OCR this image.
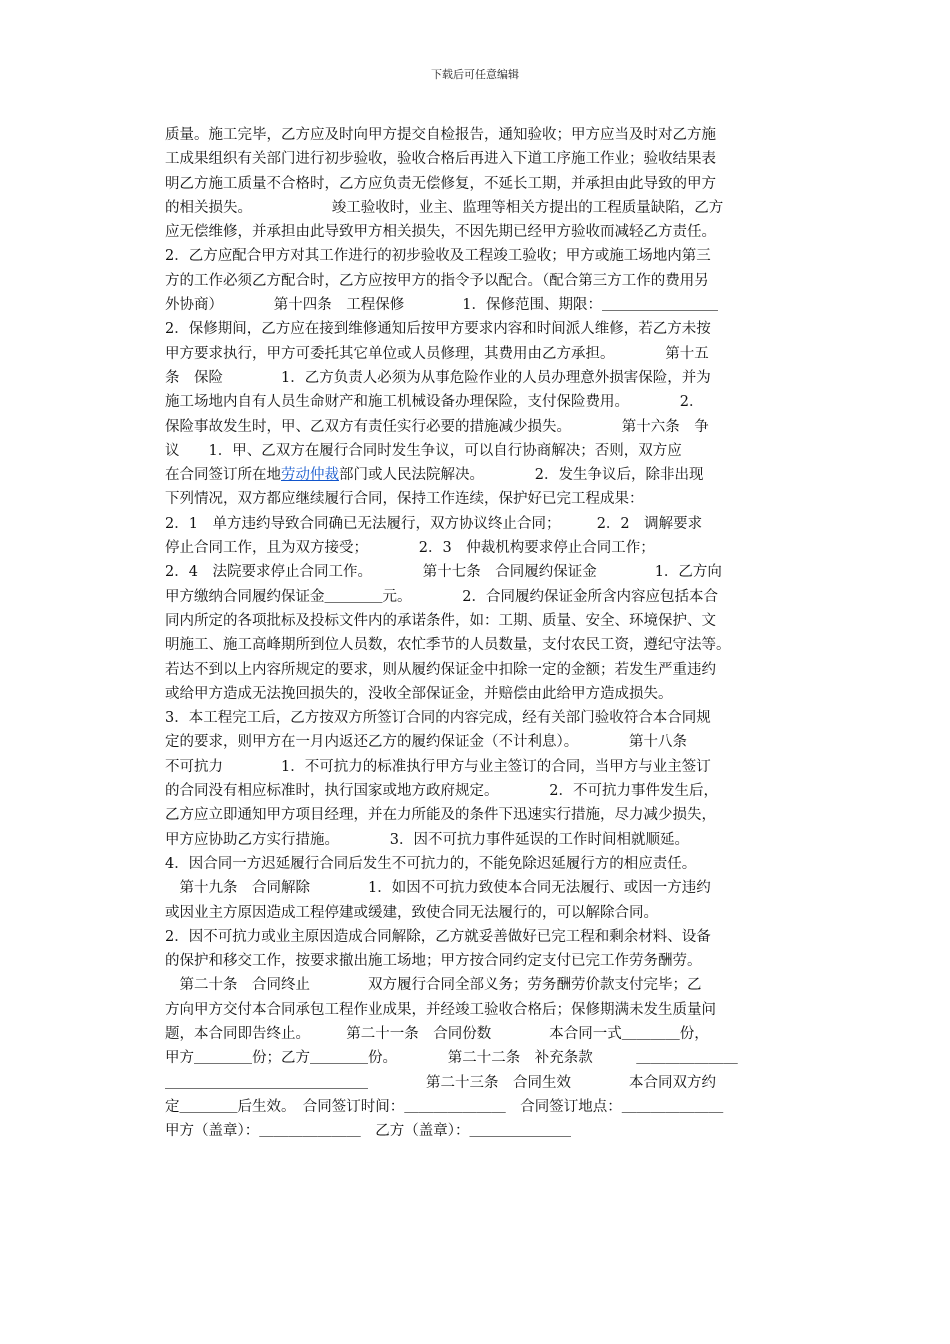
下载后可任意编辑
质量。施工完毕，乙方应及时向甲方提交自检报告，通知验收；甲方应当及时对乙方施
工成果组织有关部门进行初步验收，验收合格后再进入下道工序施工作业；验收结果表
明乙方施工质量不合格时，乙方应负责无偿修复，不延长工期，并承担由此导致的甲方
的相关损失。　　　　　　竣工验收时，业主、监理等相关方提出的工程质量缺陷，乙方
应无偿维修，并承担由此导致甲方相关损失，不因先期已经甲方验收而减轻乙方责任。
2．乙方应配合甲方对其工作进行的初步验收及工程竣工验收；甲方或施工场地内第三
方的工作必须乙方配合时，乙方应按甲方的指令予以配合。（配合第三方工作的费用另
外协商）　　　　第十四条　工程保修　　　　1．保修范围、期限：＿＿＿＿＿＿＿＿
2．保修期间，乙方应在接到维修通知后按甲方要求内容和时间派人维修，若乙方未按
甲方要求执行，甲方可委托其它单位或人员修理，其费用由乙方承担。　　　　第十五
条　保险　　　　1．乙方负责人必须为从事危险作业的人员办理意外损害保险，并为
施工场地内自有人员生命财产和施工机械设备办理保险，支付保险费用。　　　　2．
保险事故发生时，甲、乙双方有责任实行必要的措施减少损失。　　　　第十六条　争
议　　1．甲、乙双方在履行合同时发生争议，可以自行协商解决；否则，双方应
在合同签订所在地劳动仲裁部门或人民法院解决。　　　　2．发生争议后，除非出现
下列情况，双方都应继续履行合同，保持工作连续，保护好已完工程成果：
2．1　单方违约导致合同确已无法履行，双方协议终止合同；　　　2．2　调解要求
停止合同工作，且为双方接受；　　　　2．3　仲裁机构要求停止合同工作；
2．4　法院要求停止合同工作。　　　　第十七条　合同履约保证金　　　　1．乙方向
甲方缴纳合同履约保证金＿＿＿＿元。　　　　2．合同履约保证金所含内容应包括本合
同内所定的各项批标及投标文件内的承诺条件，如：工期、质量、安全、环境保护、文
明施工、施工高峰期所到位人员数，农忙季节的人员数量，支付农民工资，遵纪守法等。
若达不到以上内容所规定的要求，则从履约保证金中扣除一定的金额；若发生严重违约
或给甲方造成无法挽回损失的，没收全部保证金，并赔偿由此给甲方造成损失。
3．本工程完工后，乙方按双方所签订合同的内容完成，经有关部门验收符合本合同规
定的要求，则甲方在一月内返还乙方的履约保证金（不计利息）。　　　　第十八条
不可抗力　　　　1．不可抗力的标准执行甲方与业主签订的合同，当甲方与业主签订
的合同没有相应标准时，执行国家或地方政府规定。　　　　2．不可抗力事件发生后，
乙方应立即通知甲方项目经理，并在力所能及的条件下迅速实行措施，尽力减少损失，
甲方应协助乙方实行措施。　　　　3．因不可抗力事件延误的工作时间相就顺延。
4．因合同一方迟延履行合同后发生不可抗力的，不能免除迟延履行方的相应责任。
　第十九条　合同解除　　　　1．如因不可抗力致使本合同无法履行、或因一方违约
或因业主方原因造成工程停建或缓建，致使合同无法履行的，可以解除合同。
2．因不可抗力或业主原因造成合同解除，乙方就妥善做好已完工程和剩余材料、设备
的保护和移交工作，按要求撤出施工场地；甲方按合同约定支付已完工作劳务酬劳。
　第二十条　合同终止　　　　双方履行合同全部义务；劳务酬劳价款支付完毕；乙
方向甲方交付本合同承包工程作业成果，并经竣工验收合格后；保修期满未发生质量问
题，本合同即告终止。　　　第二十一条　合同份数　　　　本合同一式＿＿＿＿份，
甲方＿＿＿＿份；乙方＿＿＿＿份。　　　　第二十二条　补充条款　　　＿＿＿＿＿＿＿
＿＿＿＿＿＿＿＿＿＿＿＿＿＿　　　　第二十三条　合同生效　　　　本合同双方约
定＿＿＿＿后生效。　合同签订时间：＿＿＿＿＿＿＿　合同签订地点：＿＿＿＿＿＿＿
甲方（盖章）：＿＿＿＿＿＿＿　乙方（盖章）：＿＿＿＿＿＿＿
